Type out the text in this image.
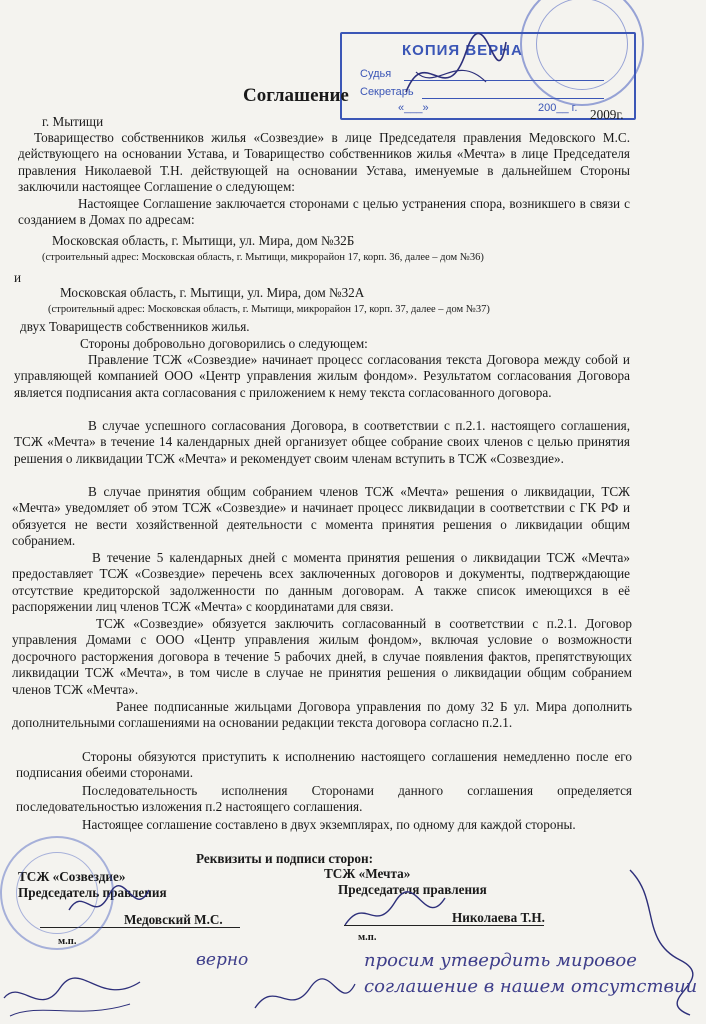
КОПИЯ ВЕРНА
Судья
Секретарь
«___»	200__ г.
Соглашение
г. Мытищи	2009г.
Товарищество собственников жилья «Созвездие» в лице Председателя правления Медовского М.С. действующего на основании Устава, и Товарищество собственников жилья «Мечта» в лице Председателя правления Николаевой Т.Н. действующей на основании Устава, именуемые в дальнейшем Стороны заключили настоящее Соглашение о следующем:
Настоящее Соглашение заключается сторонами с целью устранения спора, возникшего в связи с созданием в Домах по адресам:
Московская область, г. Мытищи, ул. Мира, дом №32Б
(строительный адрес: Московская область, г. Мытищи, микрорайон 17, корп. 36, далее – дом №36)
и
Московская область, г. Мытищи, ул. Мира, дом №32А
(строительный адрес: Московская область, г. Мытищи, микрорайон 17, корп. 37, далее – дом №37)
двух Товариществ собственников жилья.
Стороны добровольно договорились о следующем:
Правление ТСЖ «Созвездие» начинает процесс согласования текста Договора между собой и управляющей компанией ООО «Центр управления жилым фондом». Результатом согласования Договора является подписания акта согласования с приложением к нему текста согласованного договора.
В случае успешного согласования Договора, в соответствии с п.2.1. настоящего соглашения, ТСЖ «Мечта» в течение 14 календарных дней организует общее собрание своих членов с целью принятия решения о ликвидации ТСЖ «Мечта» и рекомендует своим членам вступить в ТСЖ «Созвездие».
В случае принятия общим собранием членов ТСЖ «Мечта» решения о ликвидации, ТСЖ «Мечта» уведомляет об этом ТСЖ «Созвездие» и начинает процесс ликвидации в соответствии с ГК РФ и обязуется не вести хозяйственной деятельности с момента принятия решения о ликвидации общим собранием.
В течение 5 календарных дней с момента принятия решения о ликвидации ТСЖ «Мечта» предоставляет ТСЖ «Созвездие» перечень всех заключенных договоров и документы, подтверждающие отсутствие кредиторской задолженности по данным договорам. А также список имеющихся в её распоряжении лиц членов ТСЖ «Мечта» с координатами для связи.
ТСЖ «Созвездие» обязуется заключить согласованный в соответствии с п.2.1. Договор управления Домами с ООО «Центр управления жилым фондом», включая условие о возможности досрочного расторжения договора в течение 5 рабочих дней, в случае появления фактов, препятствующих ликвидации ТСЖ «Мечта», в том числе в случае не принятия решения о ликвидации общим собранием членов ТСЖ «Мечта».
Ранее подписанные жильцами Договора управления по дому 32 Б ул. Мира дополнить дополнительными соглашениями на основании редакции текста договора согласно п.2.1.
Стороны обязуются приступить к исполнению настоящего соглашения немедленно после его подписания обеими сторонами.
Последовательность исполнения Сторонами данного соглашения определяется последовательностью изложения п.2 настоящего соглашения.
Настоящее соглашение составлено в двух экземплярах, по одному для каждой стороны.
Реквизиты и подписи сторон:
ТСЖ «Созвездие»
Председатель правления
Медовский М.С.
м.п.
ТСЖ «Мечта»
Председателя правления
Николаева Т.Н.
м.п.
верно	просим утвердить мировое
соглашение в нашем отсутствии
